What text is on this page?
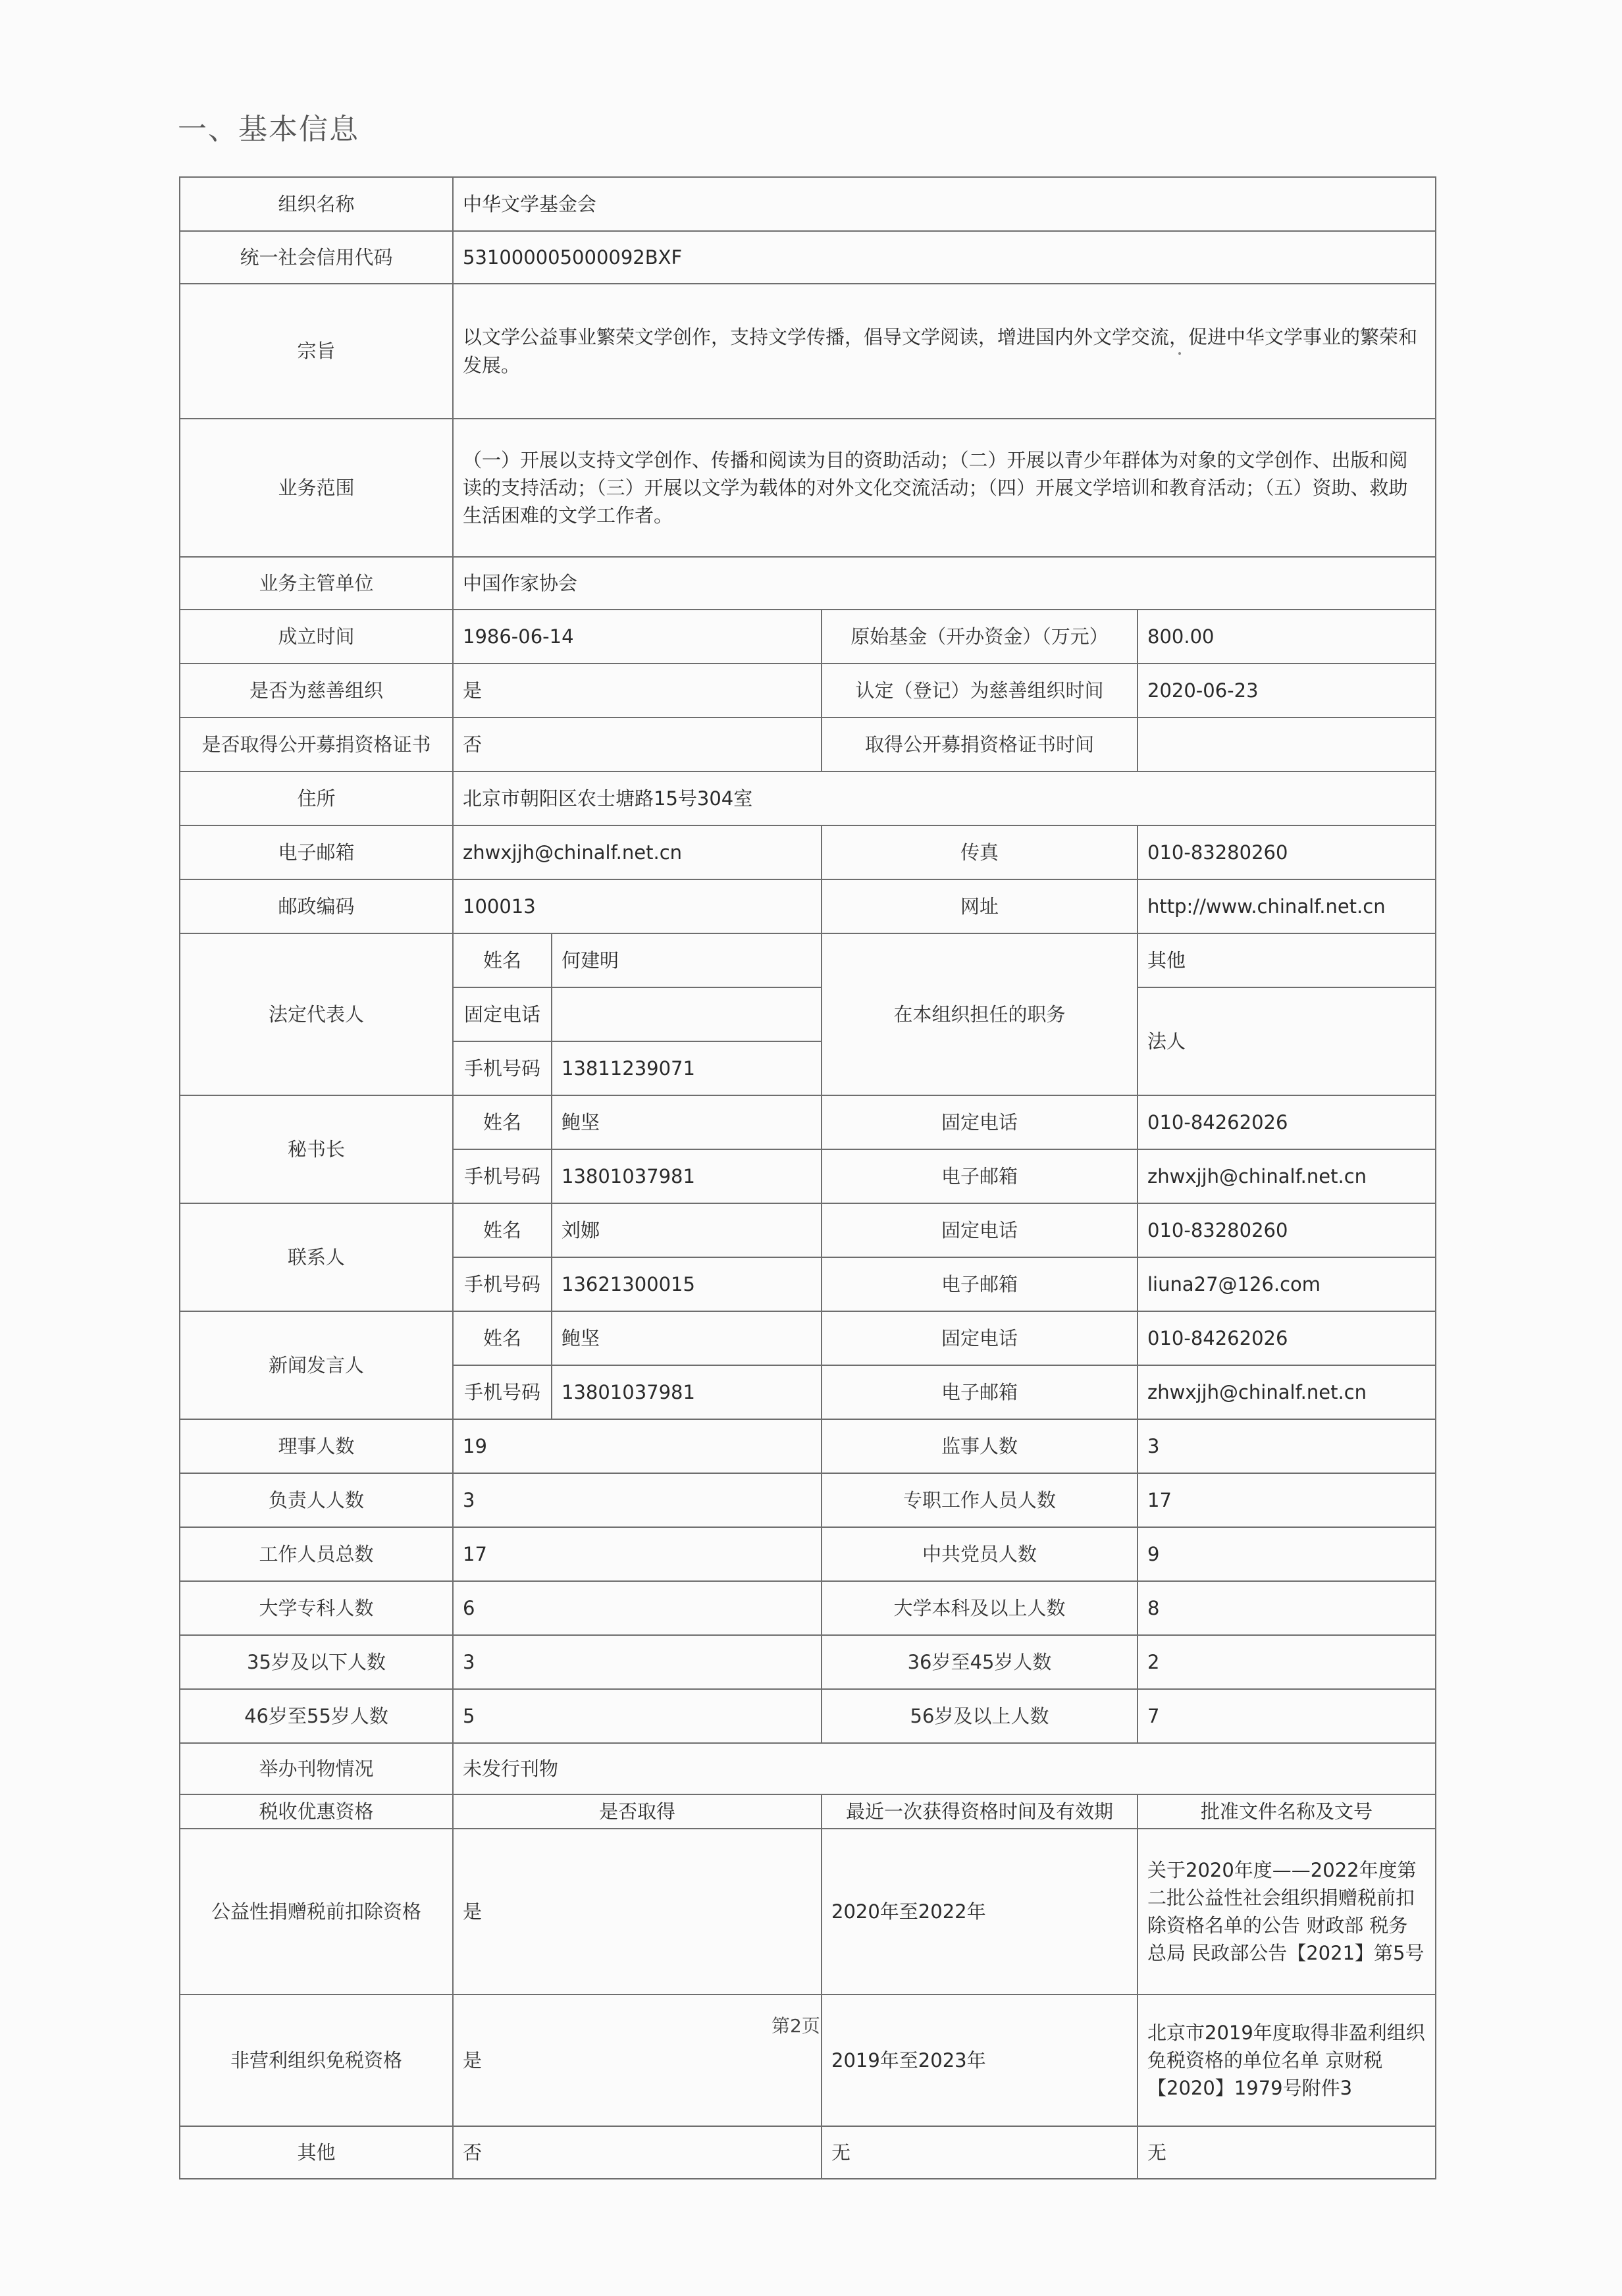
一、基本信息
组织名称	中华文学基金会			
统一社会信用代码	531000005000092BXF			
宗旨	以文学公益事业繁荣文学创作，支持文学传播，倡导文学阅读，增进国内外文学交流，促进中华文学事业的繁荣和发展。			
业务范围	（一）开展以支持文学创作、传播和阅读为目的资助活动；（二）开展以青少年群体为对象的文学创作、出版和阅读的支持活动；（三）开展以文学为载体的对外文化交流活动；（四）开展文学培训和教育活动；（五）资助、救助生活困难的文学工作者。			
业务主管单位	中国作家协会			
成立时间	1986-06-14		原始基金（开办资金）（万元）	800.00
是否为慈善组织	是		认定（登记）为慈善组织时间	2020-06-23
是否取得公开募捐资格证书	否		取得公开募捐资格证书时间	
住所	北京市朝阳区农士塘路15号304室			
电子邮箱	zhwxjjh@chinalf.net.cn		传真	010-83280260
邮政编码	100013		网址	http://www.chinalf.net.cn
法定代表人	姓名	何建明	在本组织担任的职务	其他
	固定电话			法人
	手机号码	13811239071		
秘书长	姓名	鲍坚	固定电话	010-84262026
	手机号码	13801037981	电子邮箱	zhwxjjh@chinalf.net.cn
联系人	姓名	刘娜	固定电话	010-83280260
	手机号码	13621300015	电子邮箱	liuna27@126.com
新闻发言人	姓名	鲍坚	固定电话	010-84262026
	手机号码	13801037981	电子邮箱	zhwxjjh@chinalf.net.cn
理事人数	19		监事人数	3
负责人人数	3		专职工作人员人数	17
工作人员总数	17		中共党员人数	9
大学专科人数	6		大学本科及以上人数	8
35岁及以下人数	3		36岁至45岁人数	2
46岁至55岁人数	5		56岁及以上人数	7
举办刊物情况	未发行刊物			
税收优惠资格	是否取得		最近一次获得资格时间及有效期	批准文件名称及文号
公益性捐赠税前扣除资格	是		2020年至2022年	关于2020年度——2022年度第二批公益性社会组织捐赠税前扣除资格名单的公告 财政部 税务总局 民政部公告【2021】第5号
非营利组织免税资格	是		2019年至2023年	北京市2019年度取得非盈利组织免税资格的单位名单 京财税【2020】1979号附件3
其他	否		无	无
第2页
